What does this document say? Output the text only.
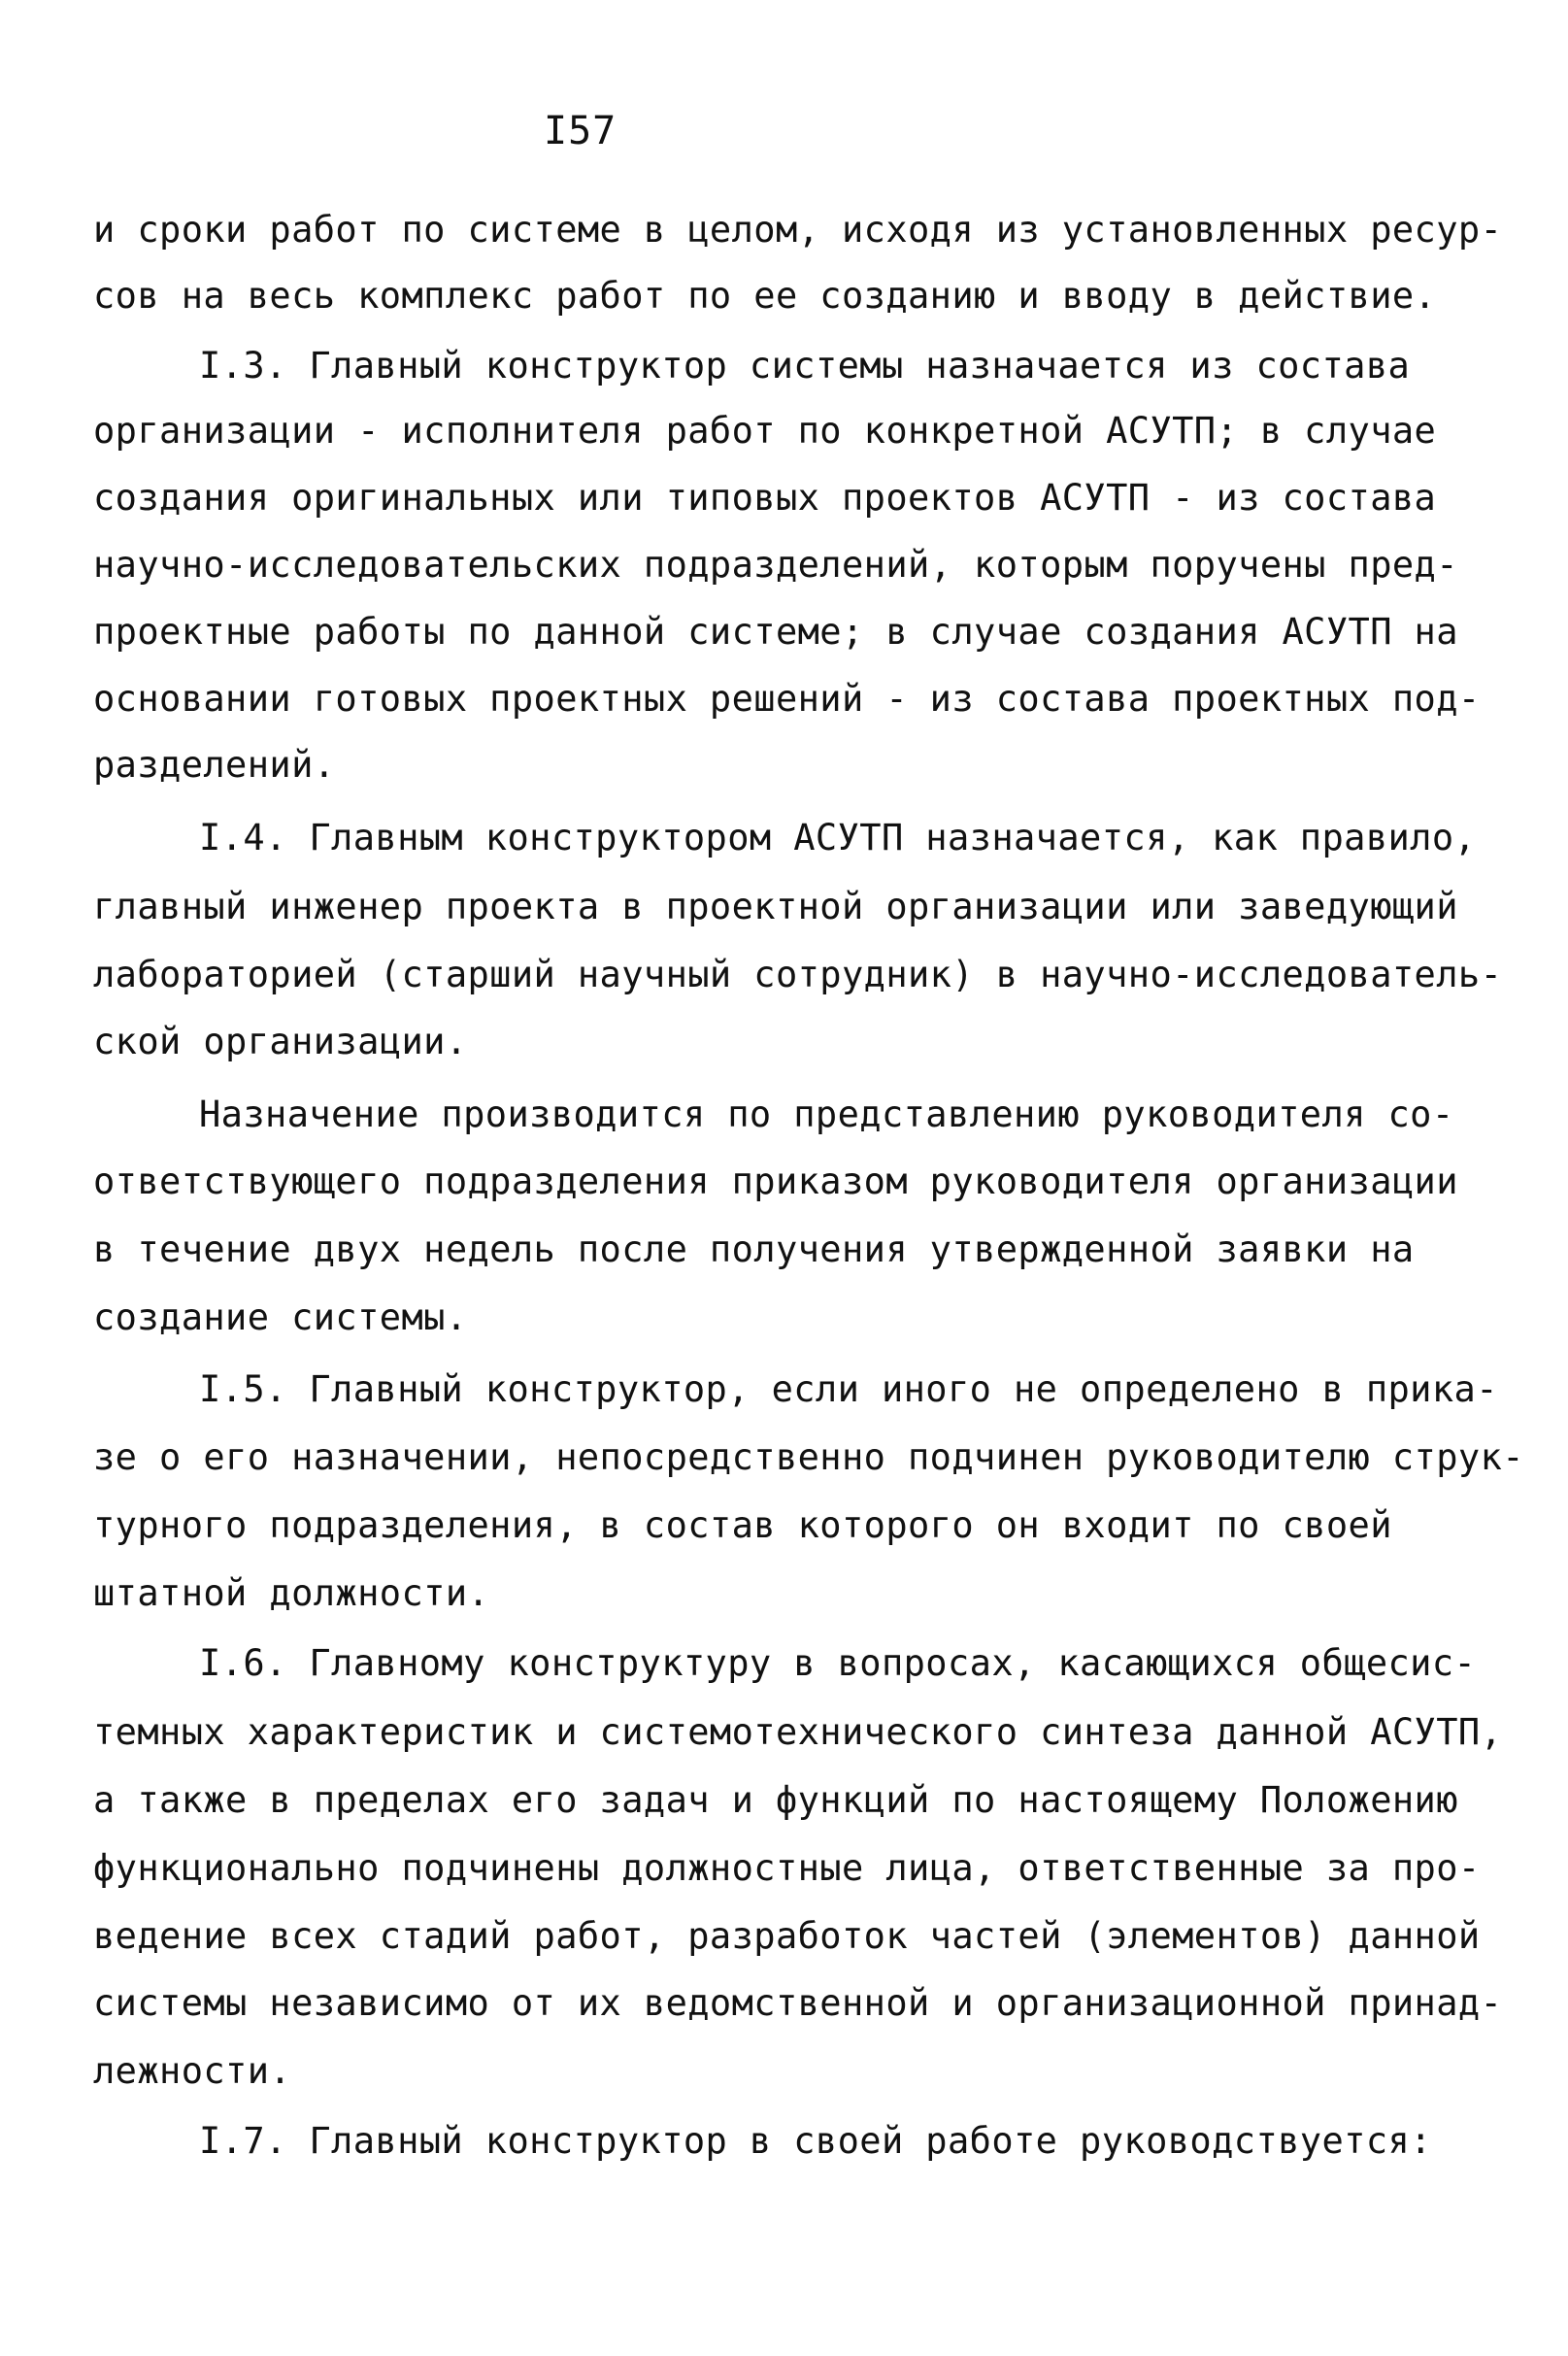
I57
и сроки работ по системе в целом, исходя из установленных ресур-
сов на весь комплекс работ по ее созданию и вводу в действие.
I.3. Главный конструктор системы назначается из состава
организации - исполнителя работ по конкретной АСУТП; в случае
создания оригинальных или типовых проектов АСУТП - из состава
научно-исследовательских подразделений, которым поручены пред-
проектные работы по данной системе; в случае создания АСУТП на
основании готовых проектных решений - из состава проектных под-
разделений.
I.4. Главным конструктором АСУТП назначается, как правило,
главный инженер проекта в проектной организации или заведующий
лабораторией (старший научный сотрудник) в научно-исследователь-
ской организации.
Назначение производится по представлению руководителя со-
ответствующего подразделения приказом руководителя организации
в течение двух недель после получения утвержденной заявки на
создание системы.
I.5. Главный конструктор, если иного не определено в прика-
зе о его назначении, непосредственно подчинен руководителю струк-
турного подразделения, в состав которого он входит по своей
штатной должности.
I.6. Главному конструктуру в вопросах, касающихся общесис-
темных характеристик и системотехнического синтеза данной АСУТП,
а также в пределах его задач и функций по настоящему Положению
функционально подчинены должностные лица, ответственные за про-
ведение всех стадий работ, разработок частей (элементов) данной
системы независимо от их ведомственной и организационной принад-
лежности.
I.7. Главный конструктор в своей работе руководствуется:
